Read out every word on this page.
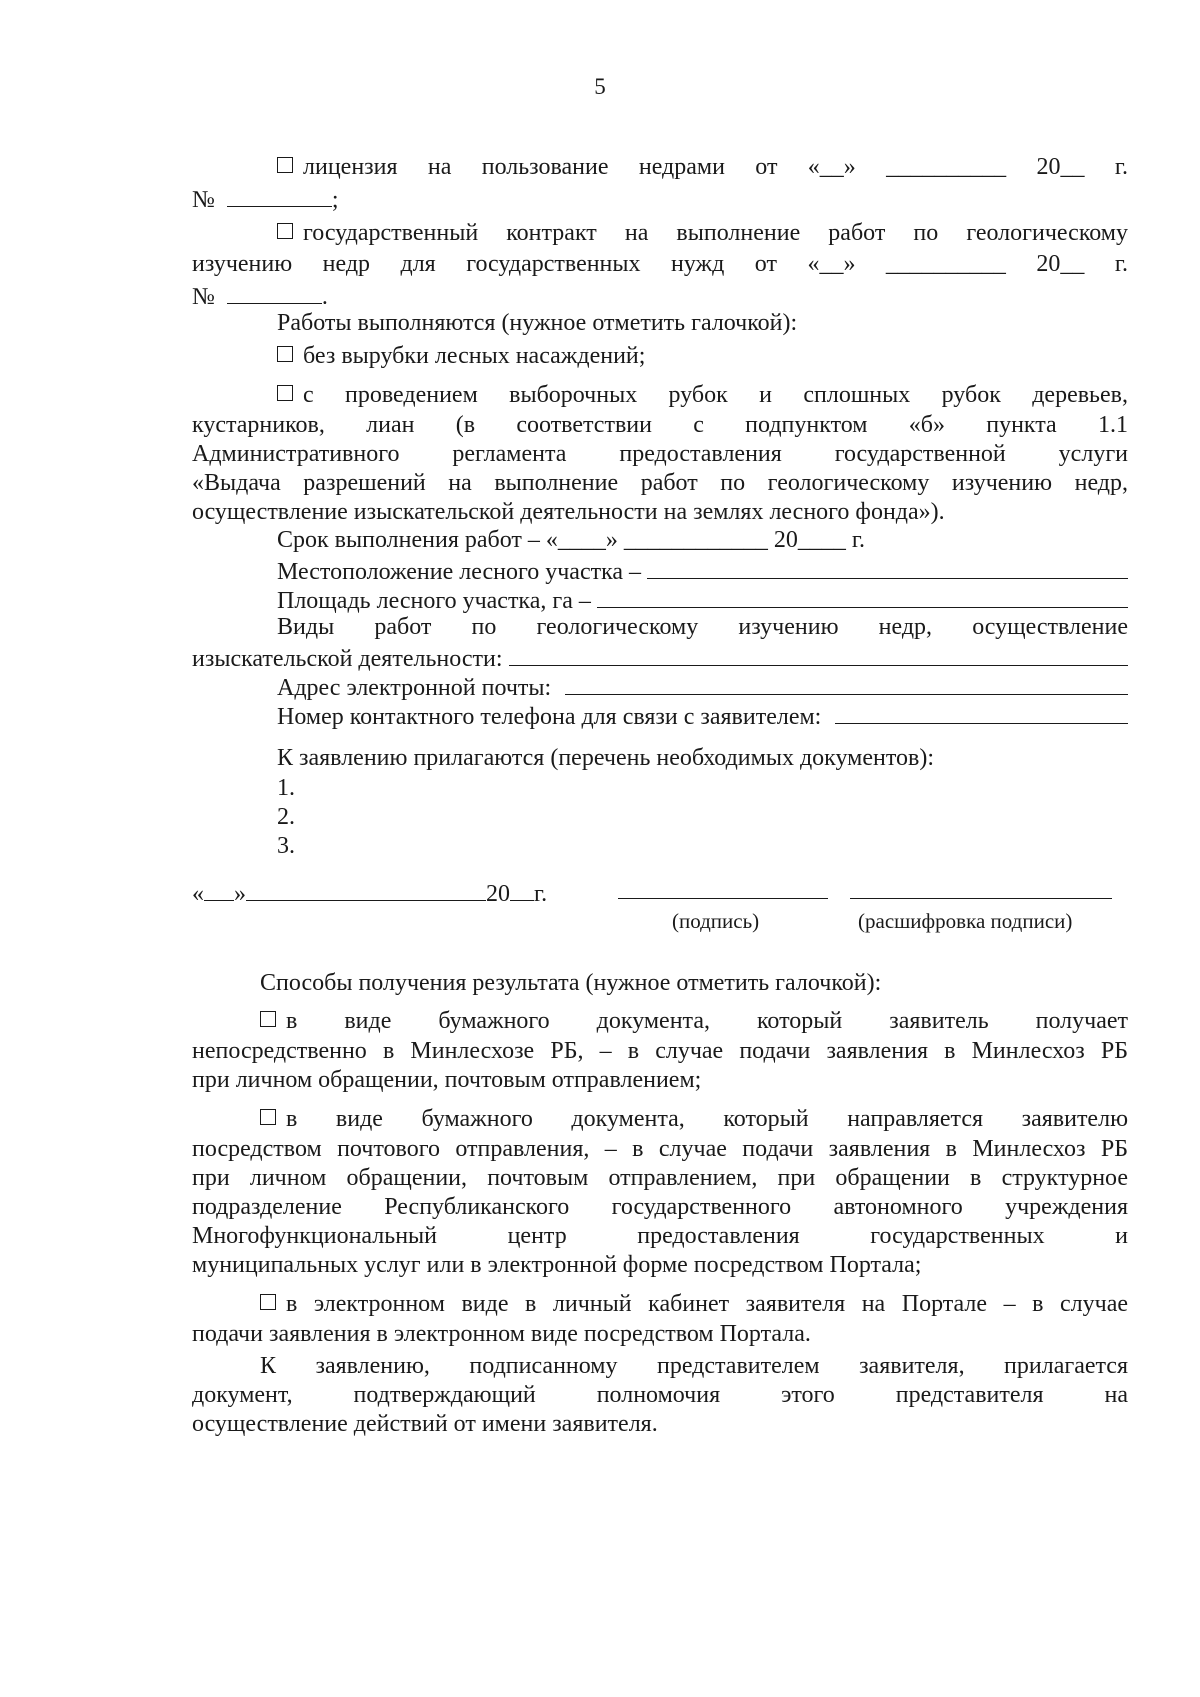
5
лицензия на пользование недрами от «__» __________ 20__ г.
№	;
государственный контракт на выполнение работ по геологическому
изучению недр для государственных нужд от «__» __________ 20__ г.
№	.
Работы выполняются (нужное отметить галочкой):
без вырубки лесных насаждений;
с проведением выборочных рубок и сплошных рубок деревьев,
кустарников, лиан (в соответствии с подпунктом «б» пункта 1.1
Административного регламента предоставления государственной услуги
«Выдача разрешений на выполнение работ по геологическому изучению недр,
осуществление изыскательской деятельности на землях лесного фонда»).
Срок выполнения работ – «____» ____________ 20____ г.
Местоположение лесного участка –
Площадь лесного участка, га –
Виды работ по геологическому изучению недр, осуществление
изыскательской деятельности:
Адрес электронной почты:
Номер контактного телефона для связи с заявителем:
К заявлению прилагаются (перечень необходимых документов):
1.
2.
3.
« »	20 г.
(подпись)	(расшифровка подписи)
Способы получения результата (нужное отметить галочкой):
в виде бумажного документа, который заявитель получает
непосредственно в Минлесхозе РБ, – в случае подачи заявления в Минлесхоз РБ
при личном обращении, почтовым отправлением;
в виде бумажного документа, который направляется заявителю
посредством почтового отправления, – в случае подачи заявления в Минлесхоз РБ
при личном обращении, почтовым отправлением, при обращении в структурное
подразделение Республиканского государственного автономного учреждения
Многофункциональный центр предоставления государственных и
муниципальных услуг или в электронной форме посредством Портала;
в электронном виде в личный кабинет заявителя на Портале – в случае
подачи заявления в электронном виде посредством Портала.
К заявлению, подписанному представителем заявителя, прилагается
документ, подтверждающий полномочия этого представителя на
осуществление действий от имени заявителя.
